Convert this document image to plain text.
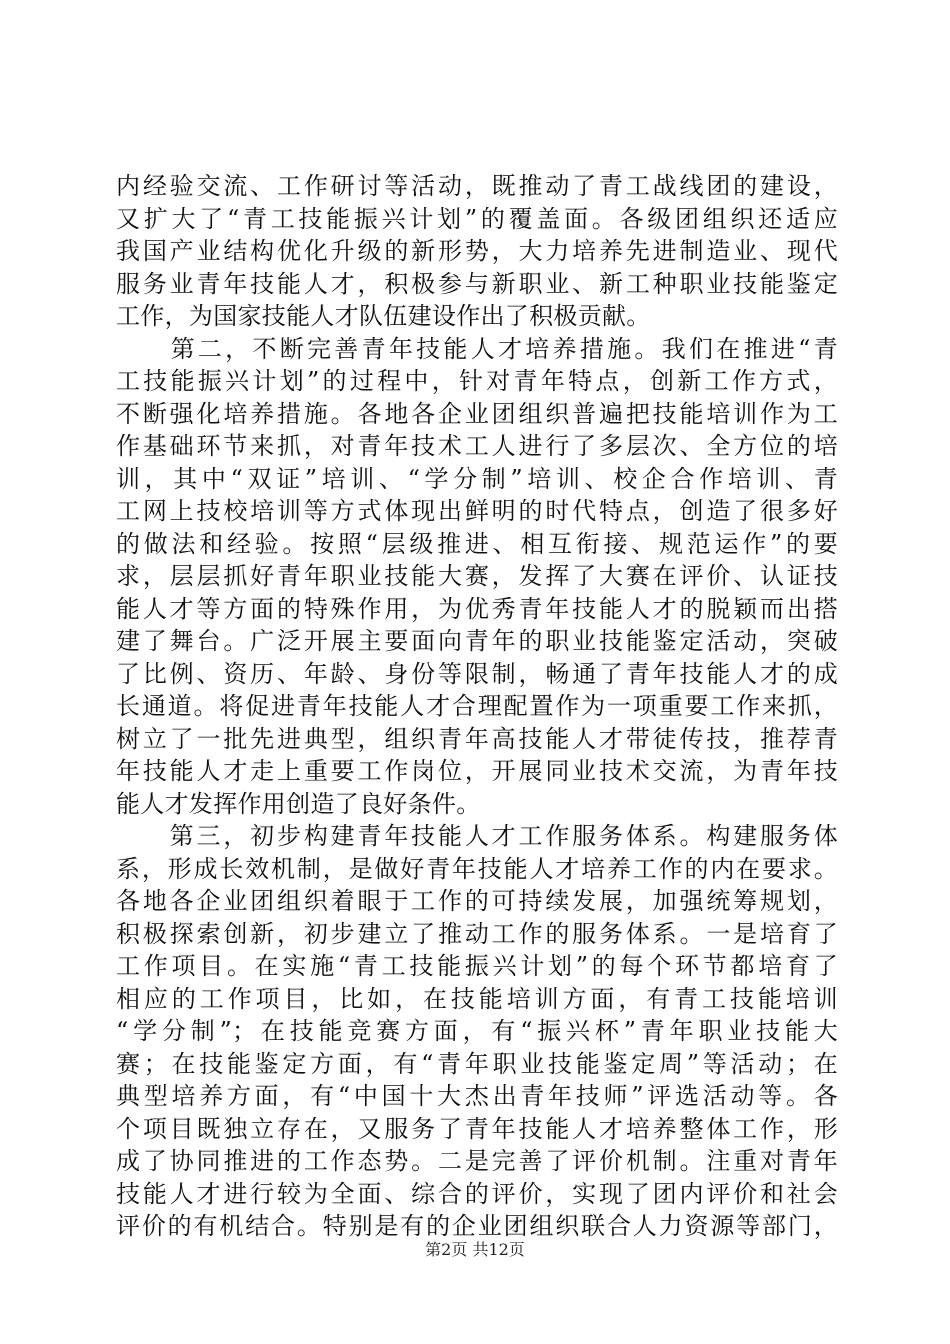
内经验交流、工作研讨等活动，既推动了青工战线团的建设，
又扩大了“青工技能振兴计划”的覆盖面。各级团组织还适应
我国产业结构优化升级的新形势，大力培养先进制造业、现代
服务业青年技能人才，积极参与新职业、新工种职业技能鉴定
工作，为国家技能人才队伍建设作出了积极贡献。
　　第二，不断完善青年技能人才培养措施。我们在推进“青
工技能振兴计划”的过程中，针对青年特点，创新工作方式，
不断强化培养措施。各地各企业团组织普遍把技能培训作为工
作基础环节来抓，对青年技术工人进行了多层次、全方位的培
训，其中“双证”培训、“学分制”培训、校企合作培训、青
工网上技校培训等方式体现出鲜明的时代特点，创造了很多好
的做法和经验。按照“层级推进、相互衔接、规范运作”的要
求，层层抓好青年职业技能大赛，发挥了大赛在评价、认证技
能人才等方面的特殊作用，为优秀青年技能人才的脱颖而出搭
建了舞台。广泛开展主要面向青年的职业技能鉴定活动，突破
了比例、资历、年龄、身份等限制，畅通了青年技能人才的成
长通道。将促进青年技能人才合理配置作为一项重要工作来抓，
树立了一批先进典型，组织青年高技能人才带徒传技，推荐青
年技能人才走上重要工作岗位，开展同业技术交流，为青年技
能人才发挥作用创造了良好条件。
　　第三，初步构建青年技能人才工作服务体系。构建服务体
系，形成长效机制，是做好青年技能人才培养工作的内在要求。
各地各企业团组织着眼于工作的可持续发展，加强统筹规划，
积极探索创新，初步建立了推动工作的服务体系。一是培育了
工作项目。在实施“青工技能振兴计划”的每个环节都培育了
相应的工作项目，比如，在技能培训方面，有青工技能培训
“学分制”；在技能竞赛方面，有“振兴杯”青年职业技能大
赛；在技能鉴定方面，有“青年职业技能鉴定周”等活动；在
典型培养方面，有“中国十大杰出青年技师”评选活动等。各
个项目既独立存在，又服务了青年技能人才培养整体工作，形
成了协同推进的工作态势。二是完善了评价机制。注重对青年
技能人才进行较为全面、综合的评价，实现了团内评价和社会
评价的有机结合。特别是有的企业团组织联合人力资源等部门，
第2页 共12页
